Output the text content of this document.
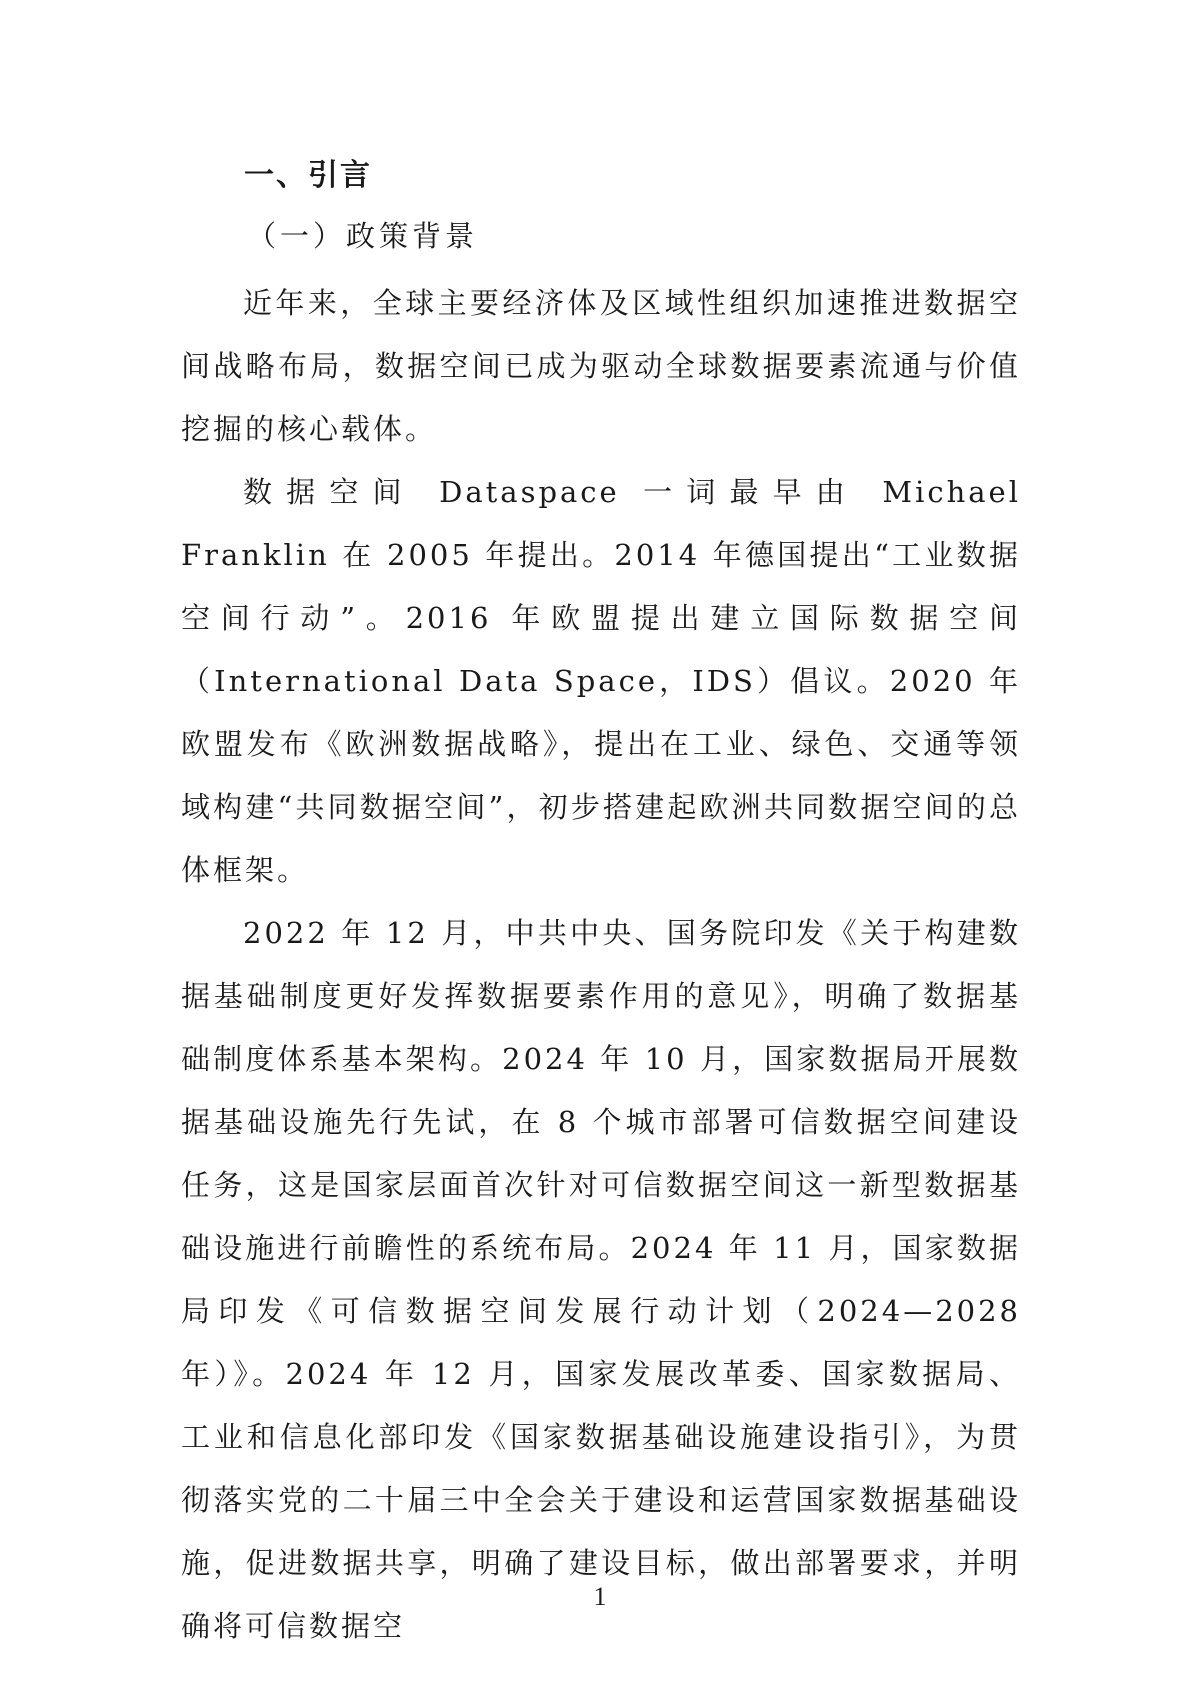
一、引言
（一）政策背景

近年来，全球主要经济体及区域性组织加速推进数据空间战略布局，数据空间已成为驱动全球数据要素流通与价值挖掘的核心载体。

数据空间 Dataspace 一词最早由 Michael Franklin 在 2005 年提出。2014 年德国提出“工业数据空间行动”。2016 年欧盟提出建立国际数据空间（International Data Space，IDS）倡议。2020 年欧盟发布《欧洲数据战略》，提出在工业、绿色、交通等领域构建“共同数据空间”，初步搭建起欧洲共同数据空间的总体框架。

2022 年 12 月，中共中央、国务院印发《关于构建数据基础制度更好发挥数据要素作用的意见》，明确了数据基础制度体系基本架构。2024 年 10 月，国家数据局开展数据基础设施先行先试，在 8 个城市部署可信数据空间建设任务，这是国家层面首次针对可信数据空间这一新型数据基础设施进行前瞻性的系统布局。2024 年 11 月，国家数据局印发《可信数据空间发展行动计划（2024—2028 年）》。2024 年 12 月，国家发展改革委、国家数据局、工业和信息化部印发《国家数据基础设施建设指引》，为贯彻落实党的二十届三中全会关于建设和运营国家数据基础设施，促进数据共享，明确了建设目标，做出部署要求，并明确将可信数据空

1
